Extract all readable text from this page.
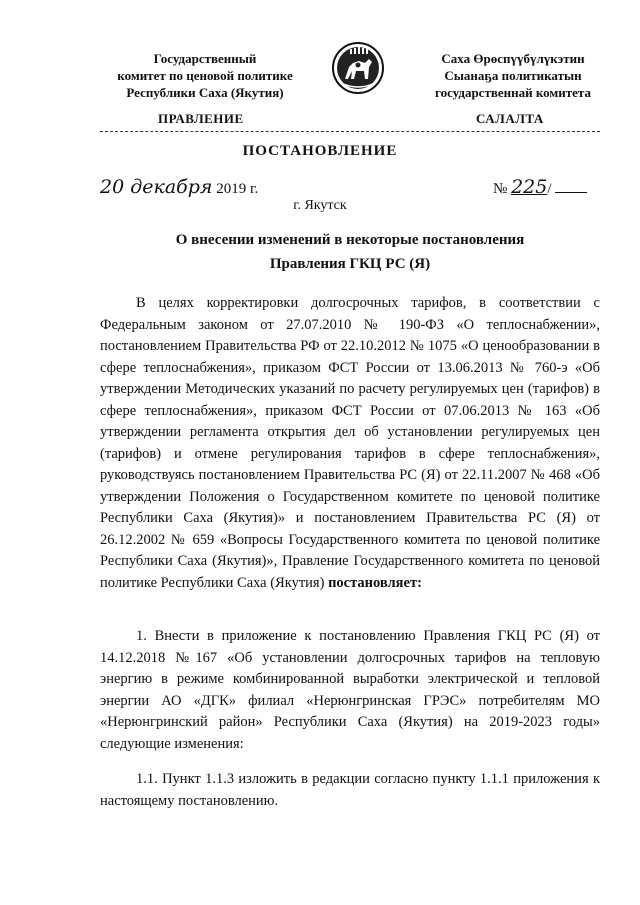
Государственный
комитет по ценовой политике
Республики Саха (Якутия)
Саха Өрөспүүбүлүкэтин
Сыанаҕа политикатын
государственнай комитета
ПРАВЛЕНИЕ	САЛАЛТА
ПОСТАНОВЛЕНИЕ
20 декабря 2019 г.	№ 225/
г. Якутск
О внесении изменений в некоторые постановления
Правления ГКЦ РС (Я)
В целях корректировки долгосрочных тарифов, в соответствии с Федеральным законом от 27.07.2010 № 190-ФЗ «О теплоснабжении», постановлением Правительства РФ от 22.10.2012 № 1075 «О ценообразовании в сфере теплоснабжения», приказом ФСТ России от 13.06.2013 № 760-э «Об утверждении Методических указаний по расчету регулируемых цен (тарифов) в сфере теплоснабжения», приказом ФСТ России от 07.06.2013 № 163 «Об утверждении регламента открытия дел об установлении регулируемых цен (тарифов) и отмене регулирования тарифов в сфере теплоснабжения», руководствуясь постановлением Правительства РС (Я) от 22.11.2007 № 468 «Об утверждении Положения о Государственном комитете по ценовой политике Республики Саха (Якутия)» и постановлением Правительства РС (Я) от 26.12.2002 № 659 «Вопросы Государственного комитета по ценовой политике Республики Саха (Якутия)», Правление Государственного комитета по ценовой политике Республики Саха (Якутия) постановляет:
1. Внести в приложение к постановлению Правления ГКЦ РС (Я) от 14.12.2018 №167 «Об установлении долгосрочных тарифов на тепловую энергию в режиме комбинированной выработки электрической и тепловой энергии АО «ДГК» филиал «Нерюнгринская ГРЭС» потребителям МО «Нерюнгринский район» Республики Саха (Якутия) на 2019-2023 годы» следующие изменения:
1.1. Пункт 1.1.3 изложить в редакции согласно пункту 1.1.1 приложения к настоящему постановлению.
